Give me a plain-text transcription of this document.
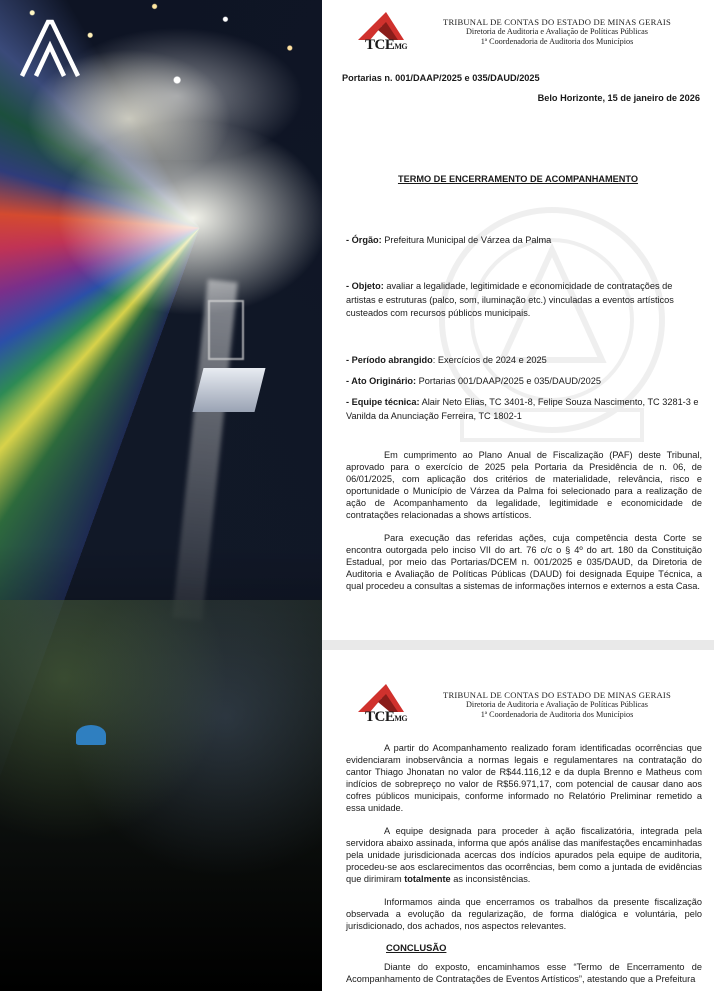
TCEMG
TRIBUNAL DE CONTAS DO ESTADO DE MINAS GERAIS
Diretoria de Auditoria e Avaliação de Políticas Públicas
1ª Coordenadoria de Auditoria dos Municípios
Portarias n. 001/DAAP/2025 e 035/DAUD/2025
Belo Horizonte, 15 de janeiro de 2026
TERMO DE ENCERRAMENTO DE ACOMPANHAMENTO
- Órgão: Prefeitura Municipal de Várzea da Palma
- Objeto: avaliar a legalidade, legitimidade e economicidade de contratações de artistas e estruturas (palco, som, iluminação etc.) vinculadas a eventos artísticos custeados com recursos públicos municipais.
- Período abrangido: Exercícios de 2024 e 2025
- Ato Originário: Portarias 001/DAAP/2025 e 035/DAUD/2025
- Equipe técnica: Alair Neto Elias, TC 3401-8, Felipe Souza Nascimento, TC 3281-3 e Vanilda da Anunciação Ferreira, TC 1802-1

Em cumprimento ao Plano Anual de Fiscalização (PAF) deste Tribunal, aprovado para o exercício de 2025 pela Portaria da Presidência de n. 06, de 06/01/2025, com aplicação dos critérios de materialidade, relevância, risco e oportunidade o Município de Várzea da Palma foi selecionado para a realização de ação de Acompanhamento da legalidade, legitimidade e economicidade de contratações relacionadas a shows artísticos.

Para execução das referidas ações, cuja competência desta Corte se encontra outorgada pelo inciso VII do art. 76 c/c o § 4º do art. 180 da Constituição Estadual, por meio das Portarias/DCEM n. 001/2025 e 035/DAUD, da Diretoria de Auditoria e Avaliação de Políticas Públicas (DAUD) foi designada Equipe Técnica, a qual procedeu a consultas a sistemas de informações internos e externos a esta Casa.

TCEMG
TRIBUNAL DE CONTAS DO ESTADO DE MINAS GERAIS
Diretoria de Auditoria e Avaliação de Políticas Públicas
1ª Coordenadoria de Auditoria dos Municípios

A partir do Acompanhamento realizado foram identificadas ocorrências que evidenciaram inobservância a normas legais e regulamentares na contratação do cantor Thiago Jhonatan no valor de R$44.116,12 e da dupla Brenno e Matheus com indícios de sobrepreço no valor de R$56.971,17, com potencial de causar dano aos cofres públicos municipais, conforme informado no Relatório Preliminar remetido a essa unidade.

A equipe designada para proceder à ação fiscalizatória, integrada pela servidora abaixo assinada, informa que após análise das manifestações encaminhadas pela unidade jurisdicionada acercas dos indícios apurados pela equipe de auditoria, procedeu-se aos esclarecimentos das ocorrências, bem como a juntada de evidências que dirimiram totalmente as inconsistências.

Informamos ainda que encerramos os trabalhos da presente fiscalização observada a evolução da regularização, de forma dialógica e voluntária, pelo jurisdicionado, dos achados, nos aspectos relevantes.

CONCLUSÃO

Diante do exposto, encaminhamos esse “Termo de Encerramento de Acompanhamento de Contratações de Eventos Artísticos”, atestando que a Prefeitura
